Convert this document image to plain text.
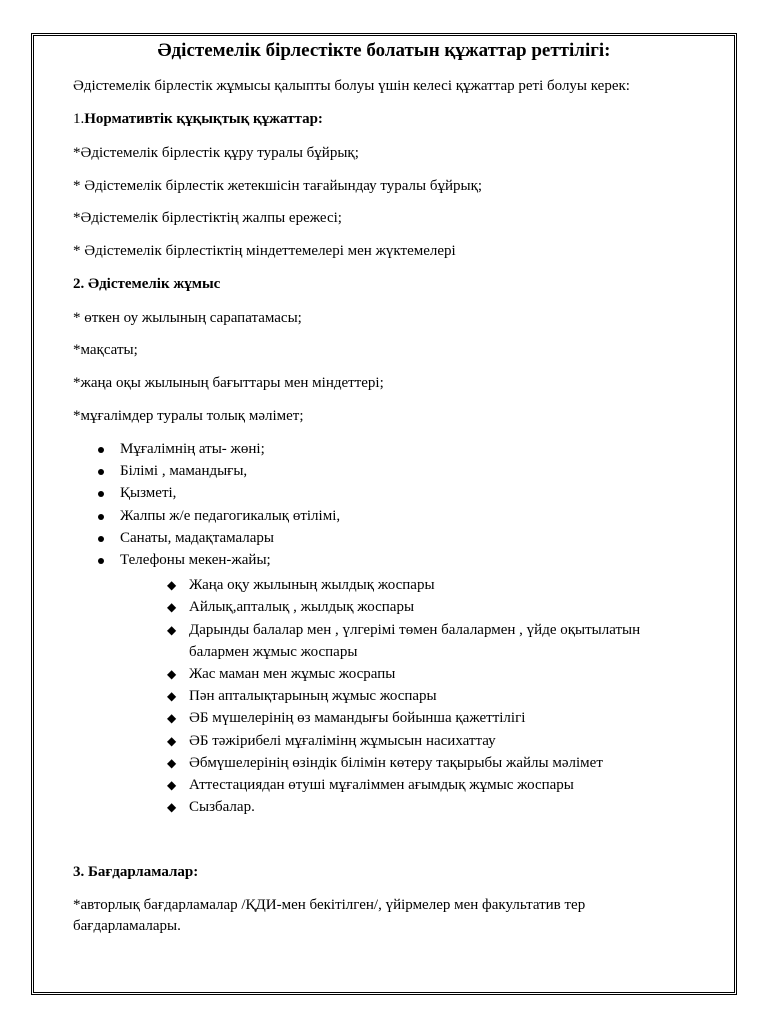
Әдістемелік бірлестікте болатын құжаттар реттілігі:

Әдістемелік бірлестік жұмысы қалыпты болуы үшін келесі құжаттар реті болуы керек:

1.Нормативтік құқықтық құжаттар:

*Әдістемелік бірлестік құру туралы бұйрық;

* Әдістемелік бірлестік жетекшісін тағайындау туралы бұйрық;

*Әдістемелік бірлестіктің жалпы ережесі;

* Әдістемелік бірлестіктің міндеттемелері мен жүктемелері

2. Әдістемелік жұмыс

* өткен оу жылының сарапатамасы;

*мақсаты;

*жаңа оқы жылының бағыттары мен міндеттері;

*мұғалімдер туралы толық мәлімет;

Мұғалімнің аты- жөні;
Білімі , мамандығы,
Қызметі,
Жалпы ж/е педагогикалық өтілімі,
Санаты, мадақтамалары
Телефоны мекен-жайы;
◆ Жаңа оқу жылының жылдық жоспары
◆ Айлық,апталық , жылдық жоспары
◆ Дарынды балалар мен , үлгерімі төмен балалармен , үйде оқытылатын
балармен жұмыс жоспары
◆ Жас маман мен жұмыс жосрапы
◆ Пән апталықтарының жұмыс жоспары
◆ ӘБ мүшелерінің өз мамандығы бойынша қажеттілігі
◆ ӘБ тәжірибелі мұғалімінң жұмысын насихаттау
◆ Әбмүшелерінің өзіндік білімін көтеру тақырыбы жайлы мәлімет
◆ Аттестациядан өтуші мұғаліммен ағымдық жұмыс жоспары
◆ Сызбалар.

3. Бағдарламалар:

*авторлық бағдарламалар /ҚДИ-мен бекітілген/, үйірмелер мен факультатив тер

бағдарламалары.
